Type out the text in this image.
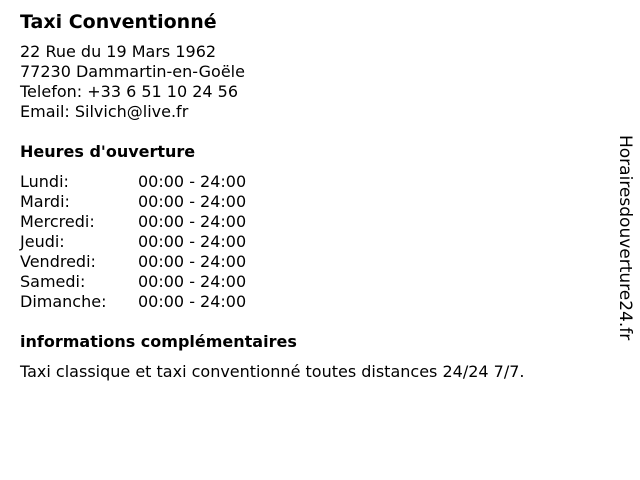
Taxi Conventionné
22 Rue du 19 Mars 1962
77230 Dammartin-en-Goële
Telefon: +33 6 51 10 24 56
Email: Silvich@live.fr
Heures d'ouverture
Lundi:	00:00 - 24:00
Mardi:	00:00 - 24:00
Mercredi:	00:00 - 24:00
Jeudi:	00:00 - 24:00
Vendredi:	00:00 - 24:00
Samedi:	00:00 - 24:00
Dimanche:	00:00 - 24:00
informations complémentaires
Taxi classique et taxi conventionné toutes distances 24/24 7/7.
Horairesdouverture24.fr
